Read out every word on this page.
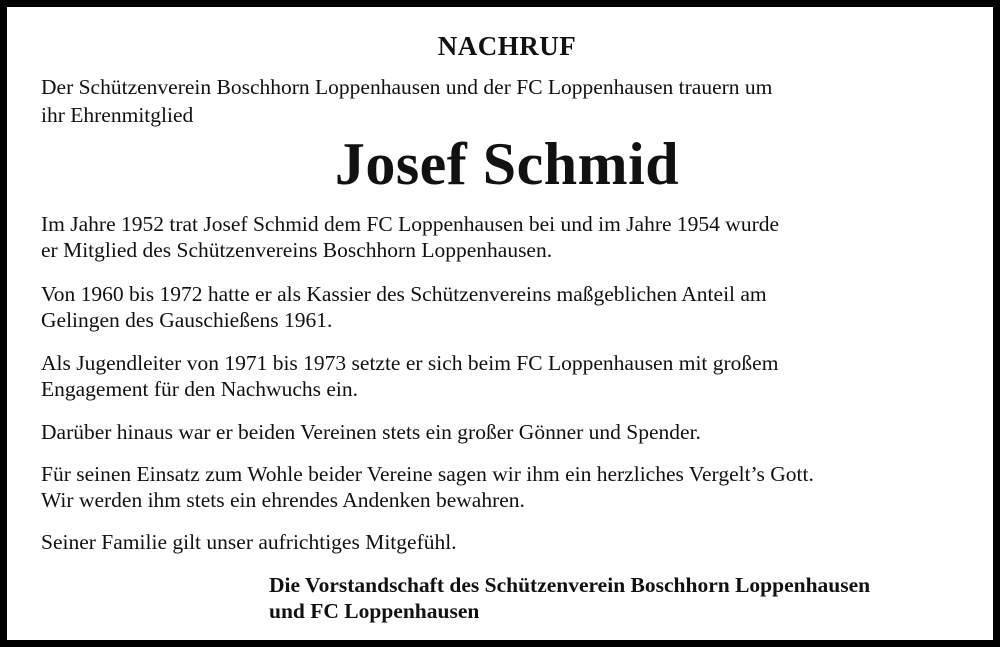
NACHRUF
Der Schützenverein Boschhorn Loppenhausen und der FC Loppenhausen trauern um
ihr Ehrenmitglied
Josef Schmid
Im Jahre 1952 trat Josef Schmid dem FC Loppenhausen bei und im Jahre 1954 wurde
er Mitglied des Schützenvereins Boschhorn Loppenhausen.
Von 1960 bis 1972 hatte er als Kassier des Schützenvereins maßgeblichen Anteil am
Gelingen des Gauschießens 1961.
Als Jugendleiter von 1971 bis 1973 setzte er sich beim FC Loppenhausen mit großem
Engagement für den Nachwuchs ein.
Darüber hinaus war er beiden Vereinen stets ein großer Gönner und Spender.
Für seinen Einsatz zum Wohle beider Vereine sagen wir ihm ein herzliches Vergelt’s Gott.
Wir werden ihm stets ein ehrendes Andenken bewahren.
Seiner Familie gilt unser aufrichtiges Mitgefühl.
Die Vorstandschaft des Schützenverein Boschhorn Loppenhausen
und FC Loppenhausen
